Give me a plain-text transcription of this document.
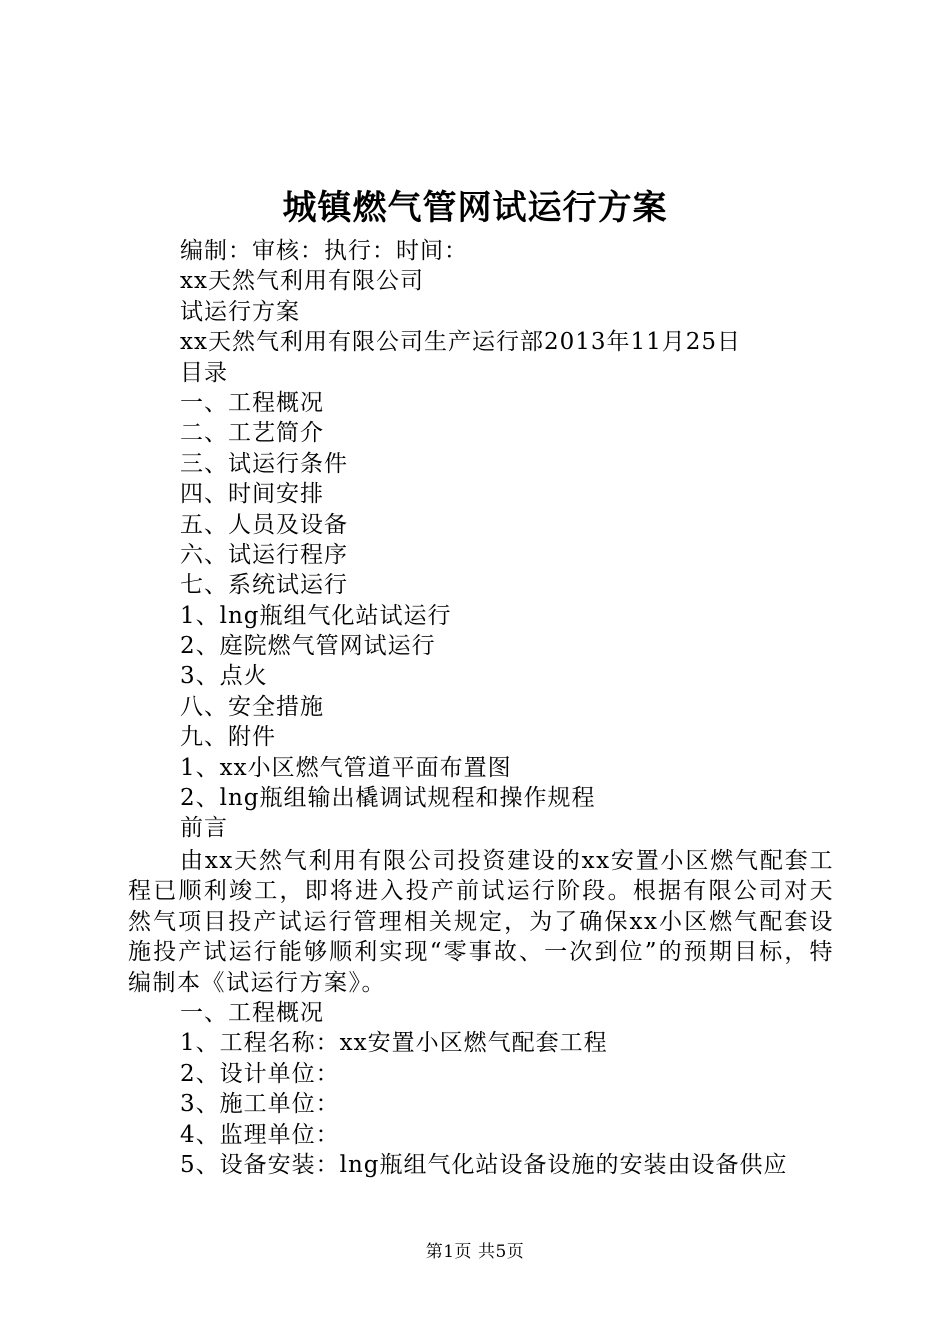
城镇燃气管网试运行方案
编制：审核：执行：时间：
xx天然气利用有限公司
试运行方案
xx天然气利用有限公司生产运行部2013年11月25日
目录
一、工程概况
二、工艺简介
三、试运行条件
四、时间安排
五、人员及设备
六、试运行程序
七、系统试运行
1、lng瓶组气化站试运行
2、庭院燃气管网试运行
3、点火
八、安全措施
九、附件
1、xx小区燃气管道平面布置图
2、lng瓶组输出橇调试规程和操作规程
前言
由xx天然气利用有限公司投资建设的xx安置小区燃气配套工程已顺利竣工，即将进入投产前试运行阶段。根据有限公司对天然气项目投产试运行管理相关规定，为了确保xx小区燃气配套设施投产试运行能够顺利实现“零事故、一次到位”的预期目标，特编制本《试运行方案》。
一、工程概况
1、工程名称：xx安置小区燃气配套工程
2、设计单位：
3、施工单位：
4、监理单位：
5、设备安装：lng瓶组气化站设备设施的安装由设备供应
第1页 共5页
